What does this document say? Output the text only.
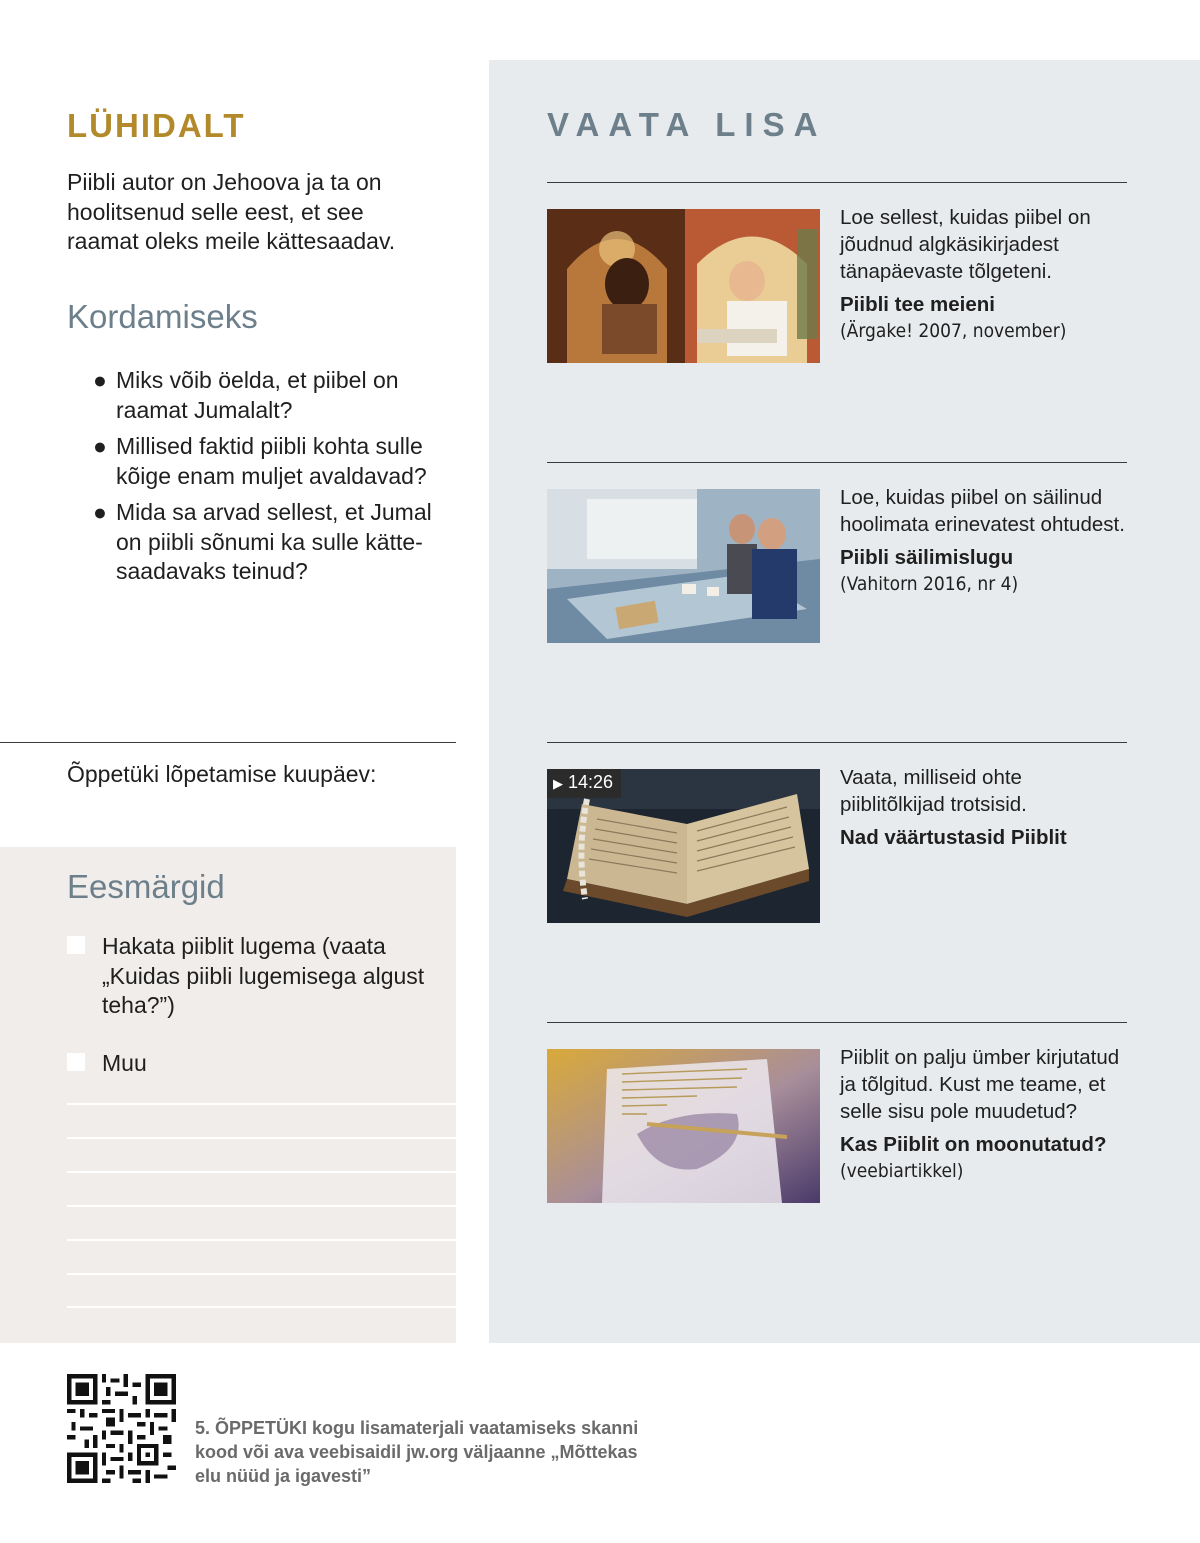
LÜHIDALT

Piibli autor on Jehoova ja ta on hoolitsenud selle eest, et see raamat oleks meile kättesaadav.

Kordamiseks
● Miks võib öelda, et piibel on raamat Jumalalt?
● Millised faktid piibli kohta sulle kõige enam muljet avaldavad?
● Mida sa arvad sellest, et Jumal on piibli sõnumi ka sulle kätte-saadavaks teinud?

Õppetüki lõpetamise kuupäev:

Eesmärgid
Hakata piiblit lugema (vaata „Kuidas piibli lugemisega algust teha?”)
Muu
VAATA LISA

Loe sellest, kuidas piibel on jõudnud algkäsikirjadest tänapäevaste tõlgeteni.

Piibli tee meieni

(Ärgake! 2007, november)

Loe, kuidas piibel on säilinud hoolimata erinevatest ohtudest.

Piibli säilimislugu

(Vahitorn 2016, nr 4)

▶ 14:26	Vaata, milliseid ohte piiblitõlkijad trotsisid.

Nad väärtustasid Piiblit

Piiblit on palju ümber kirjutatud ja tõlgitud. Kust me teame, et selle sisu pole muudetud?

Kas Piiblit on moonutatud?

(veebiartikkel)

5. ÕPPETÜKI kogu lisamaterjali vaatamiseks skanni kood või ava veebisaidil jw.org väljaanne „Mõttekas elu nüüd ja igavesti”
